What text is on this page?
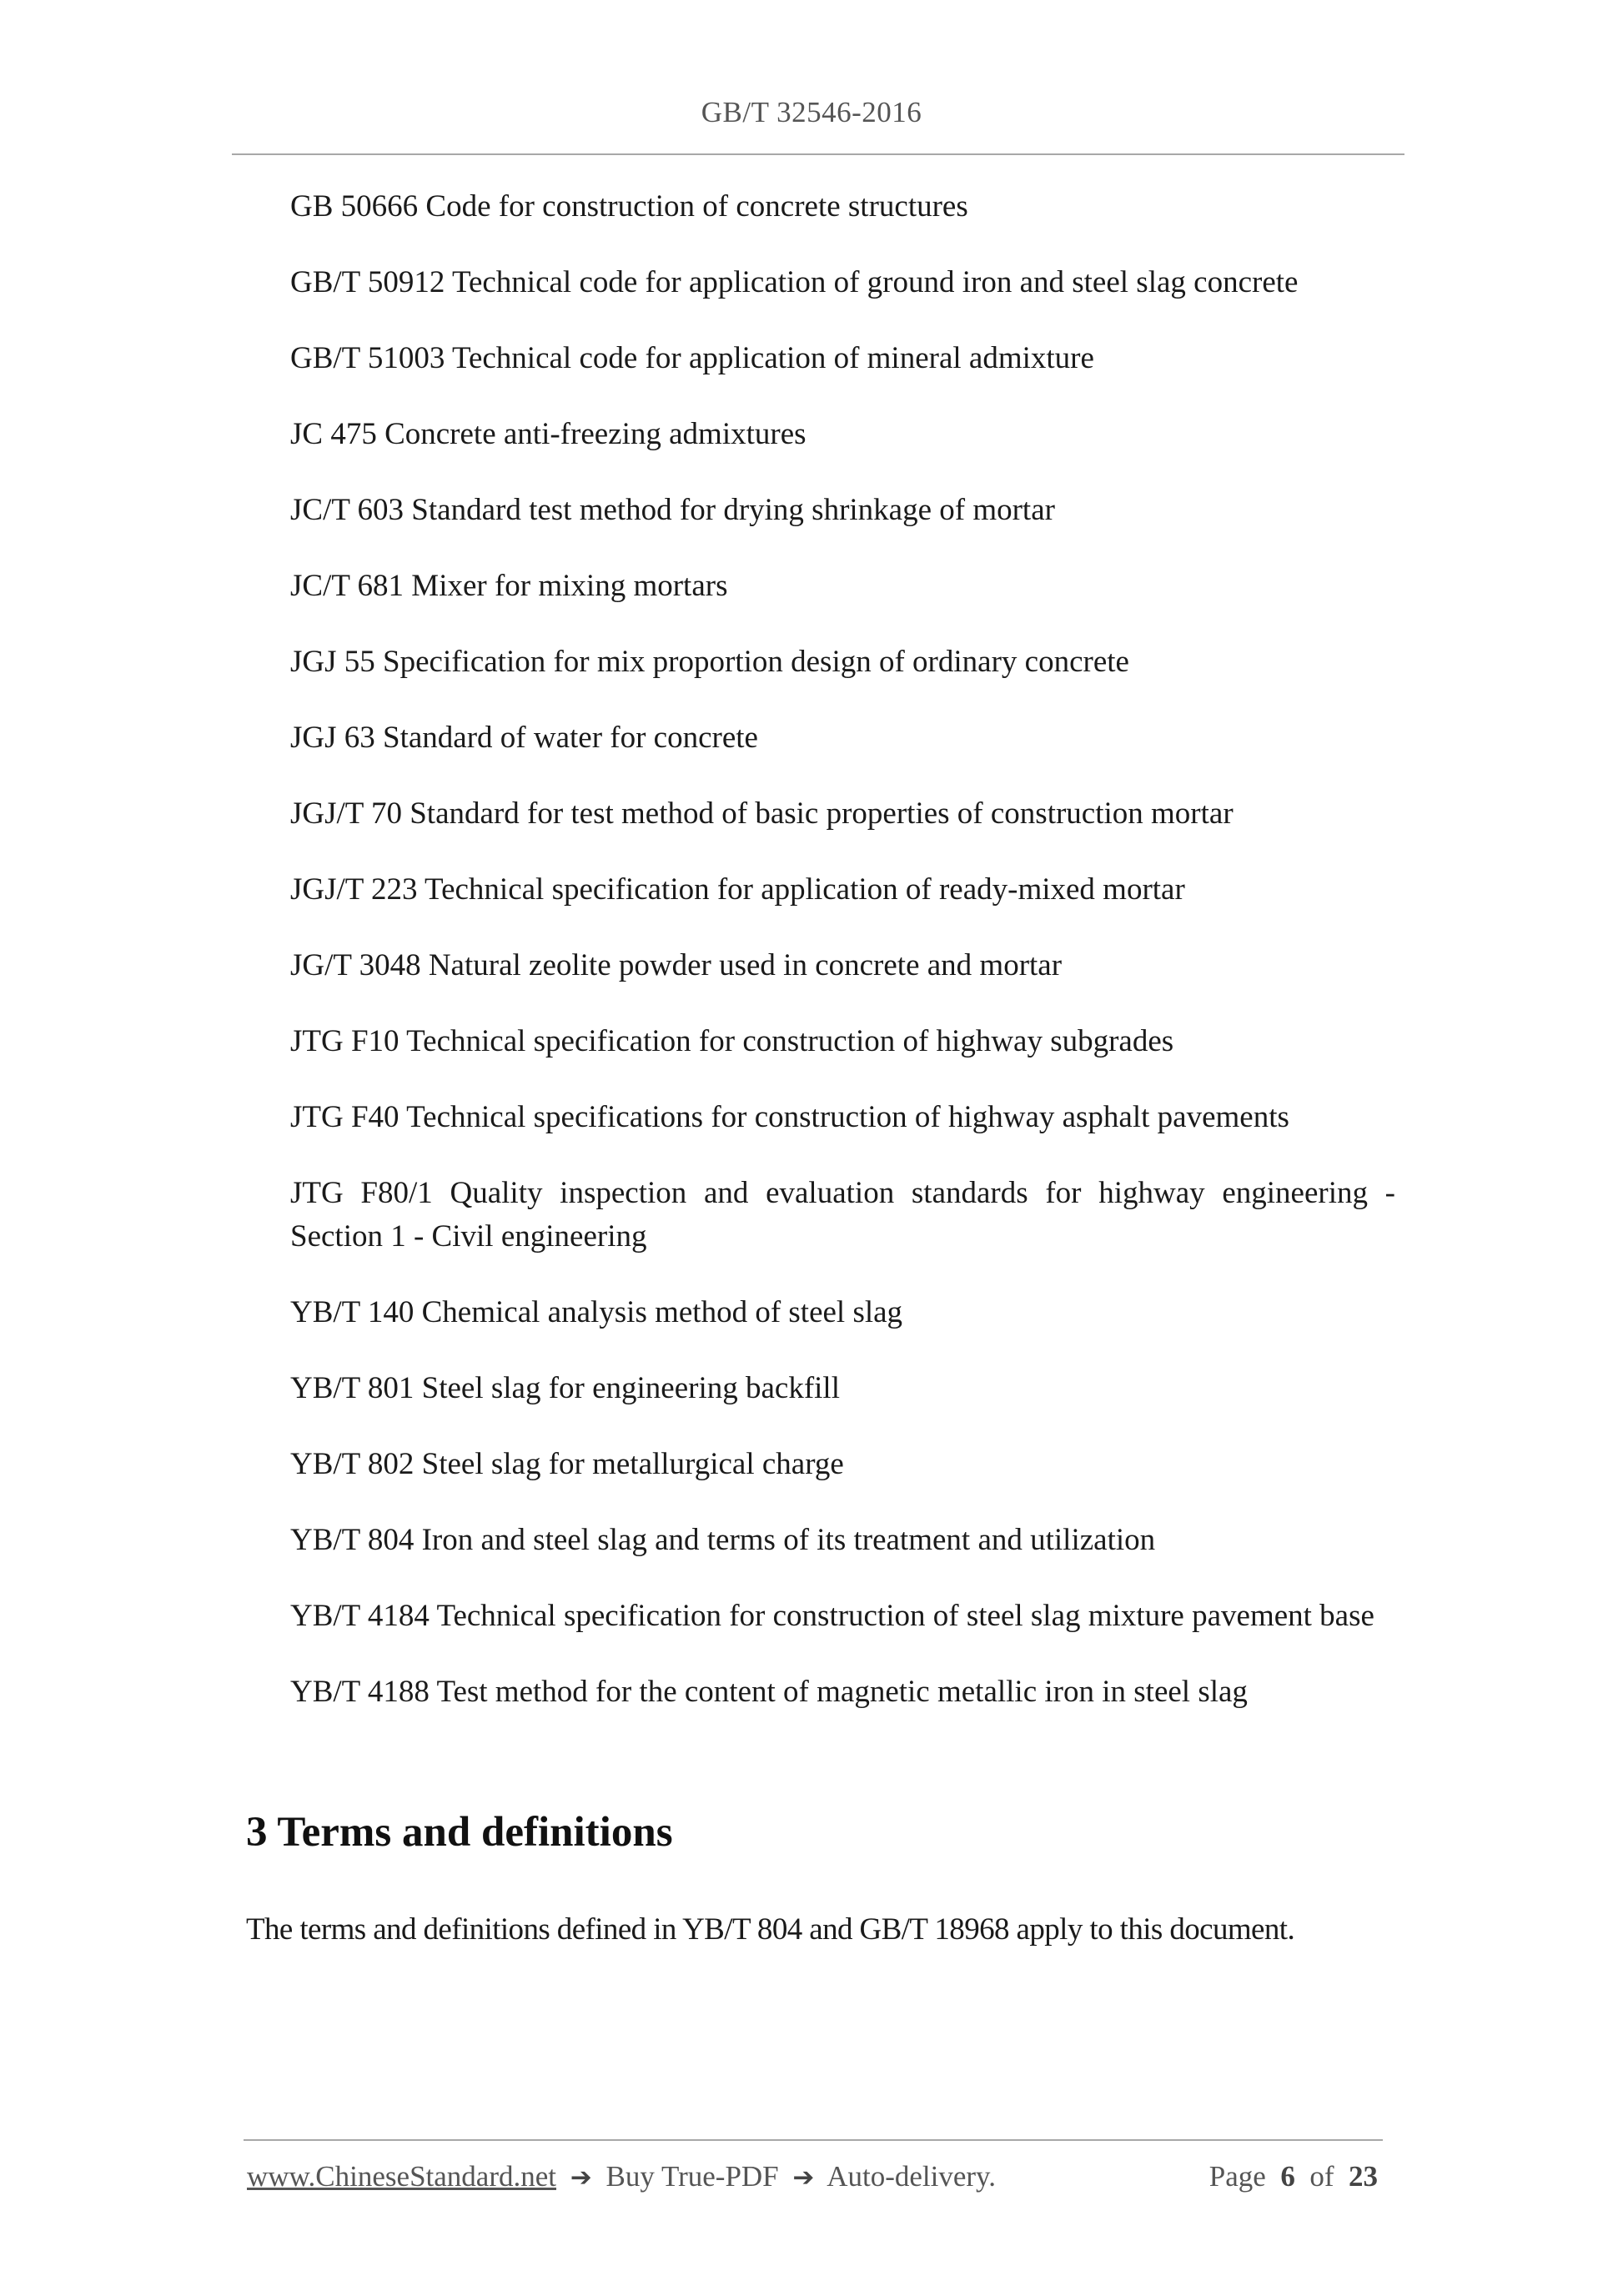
GB/T 32546-2016
GB 50666 Code for construction of concrete structures
GB/T 50912 Technical code for application of ground iron and steel slag concrete
GB/T 51003 Technical code for application of mineral admixture
JC 475 Concrete anti-freezing admixtures
JC/T 603 Standard test method for drying shrinkage of mortar
JC/T 681 Mixer for mixing mortars
JGJ 55 Specification for mix proportion design of ordinary concrete
JGJ 63 Standard of water for concrete
JGJ/T 70 Standard for test method of basic properties of construction mortar
JGJ/T 223 Technical specification for application of ready-mixed mortar
JG/T 3048 Natural zeolite powder used in concrete and mortar
JTG F10 Technical specification for construction of highway subgrades
JTG F40 Technical specifications for construction of highway asphalt pavements
JTG F80/1 Quality inspection and evaluation standards for highway engineering - Section 1 - Civil engineering
YB/T 140 Chemical analysis method of steel slag
YB/T 801 Steel slag for engineering backfill
YB/T 802 Steel slag for metallurgical charge
YB/T 804 Iron and steel slag and terms of its treatment and utilization
YB/T 4184 Technical specification for construction of steel slag mixture pavement base
YB/T 4188 Test method for the content of magnetic metallic iron in steel slag
3 Terms and definitions

The terms and definitions defined in YB/T 804 and GB/T 18968 apply to this document.

www.ChineseStandard.net ➔ Buy True-PDF ➔ Auto-delivery.	Page 6 of 23
